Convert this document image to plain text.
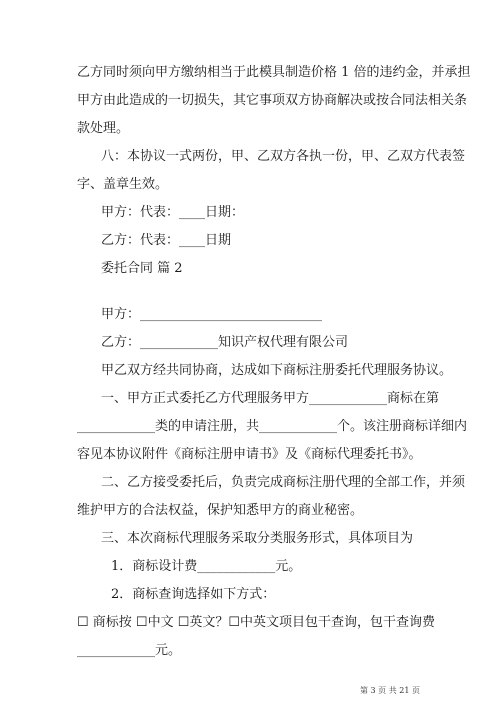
乙方同时须向甲方缴纳相当于此模具制造价格 1 倍的违约金，并承担
甲方由此造成的一切损失，其它事项双方协商解决或按合同法相关条
款处理。
八：本协议一式两份，甲、乙双方各执一份，甲、乙双方代表签
字、盖章生效。
甲方：代表：____日期：
乙方：代表：____日期
委托合同 篇 2
甲方：____________________________
乙方：____________知识产权代理有限公司
甲乙双方经共同协商，达成如下商标注册委托代理服务协议。
一、甲方正式委托乙方代理服务甲方____________商标在第
____________类的申请注册，共____________个。该注册商标详细内
容见本协议附件《商标注册申请书》及《商标代理委托书》。
二、乙方接受委托后，负责完成商标注册代理的全部工作，并须
维护甲方的合法权益，保护知悉甲方的商业秘密。
三、本次商标代理服务采取分类服务形式，具体项目为
1．商标设计费____________元。
2．商标查询选择如下方式：
☐ 商标按 ☐中文 ☐英文？☐中英文项目包干查询，包干查询费
____________元。
第 3 页 共 21 页
